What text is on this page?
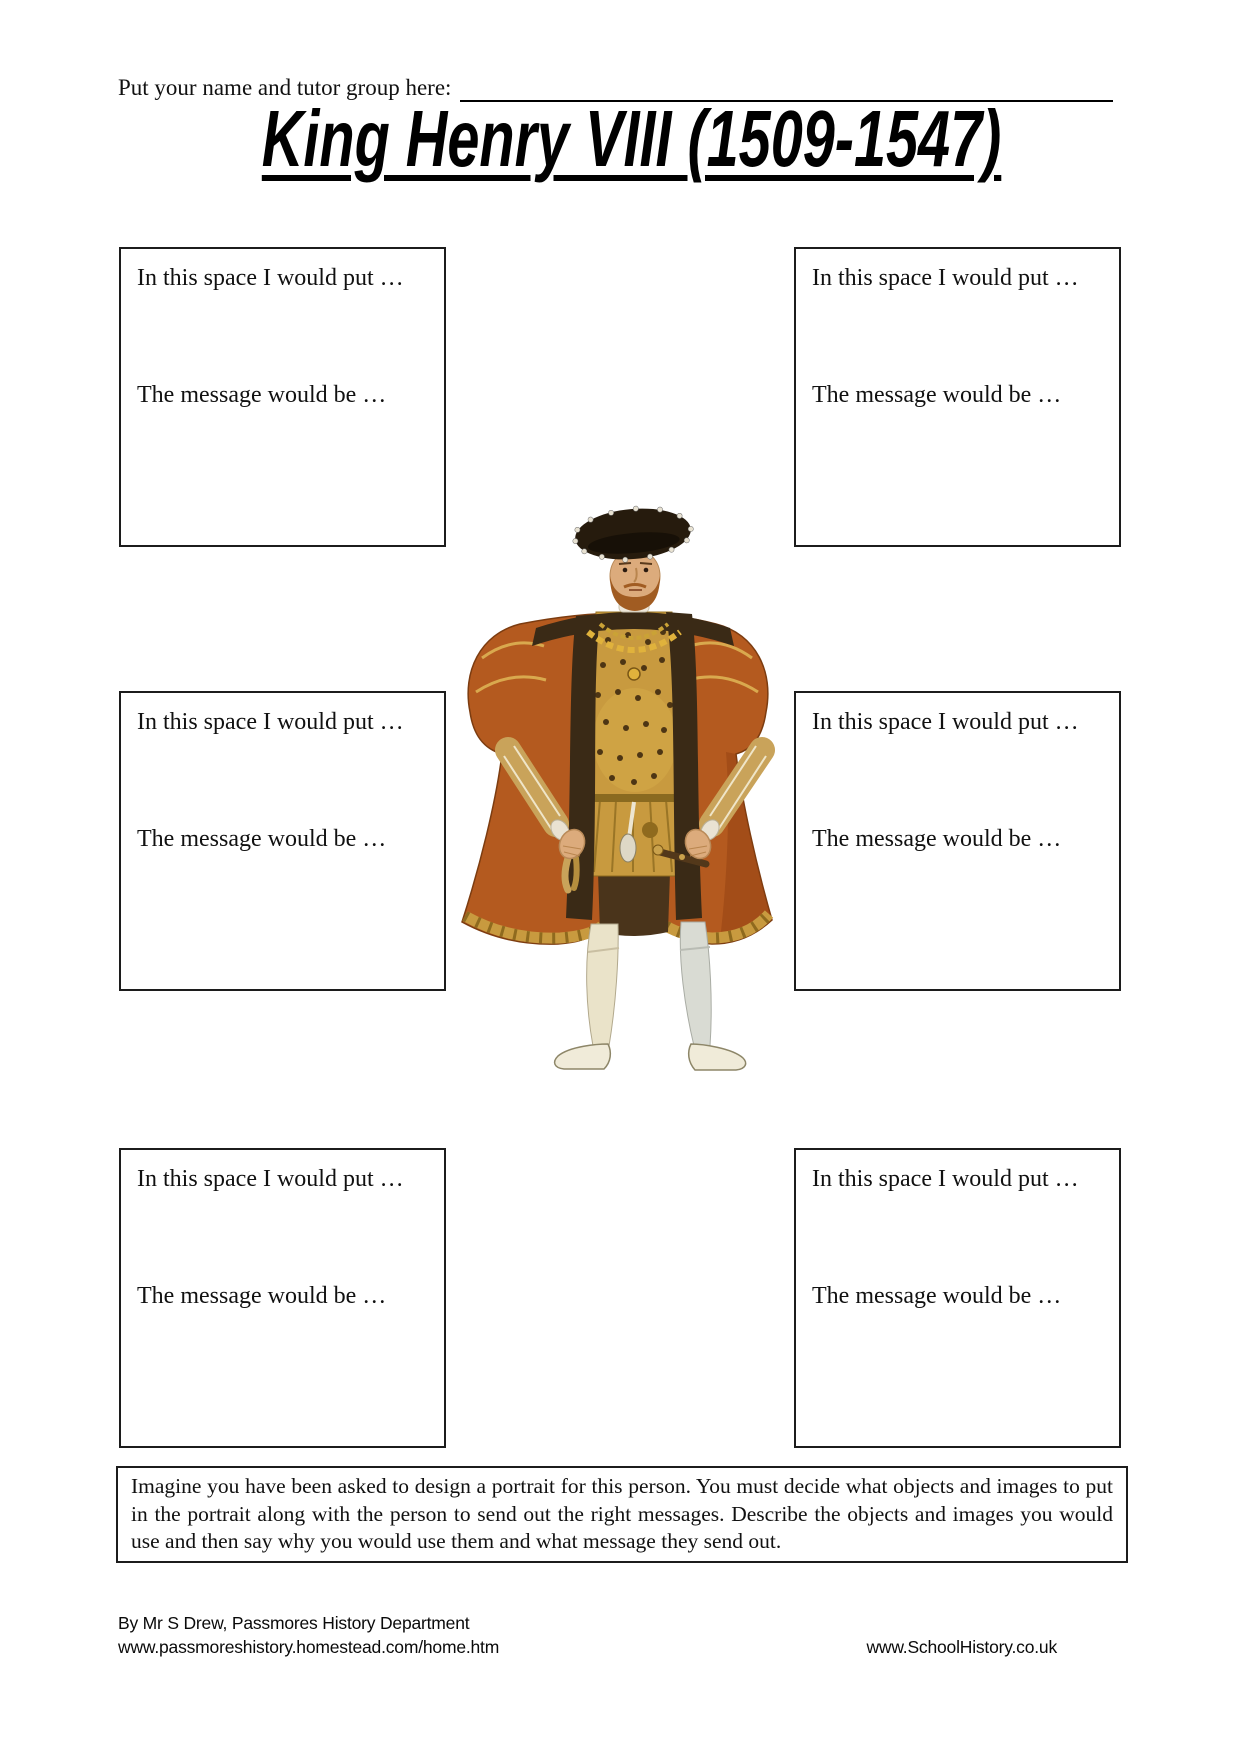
Put your name and tutor group here:
King Henry VIII (1509-1547)

In this space I would put …

The message would be …

In this space I would put …

The message would be …

In this space I would put …

The message would be …

In this space I would put …

The message would be …

In this space I would put …

The message would be …

In this space I would put …

The message would be …

Imagine you have been asked to design a portrait for this person. You must decide what objects and images to put in the portrait along with the person to send out the right messages. Describe the objects and images you would use and then say why you would use them and what message they send out.

By Mr S Drew, Passmores History Department
www.passmoreshistory.homestead.com/home.htm	www.SchoolHistory.co.uk
